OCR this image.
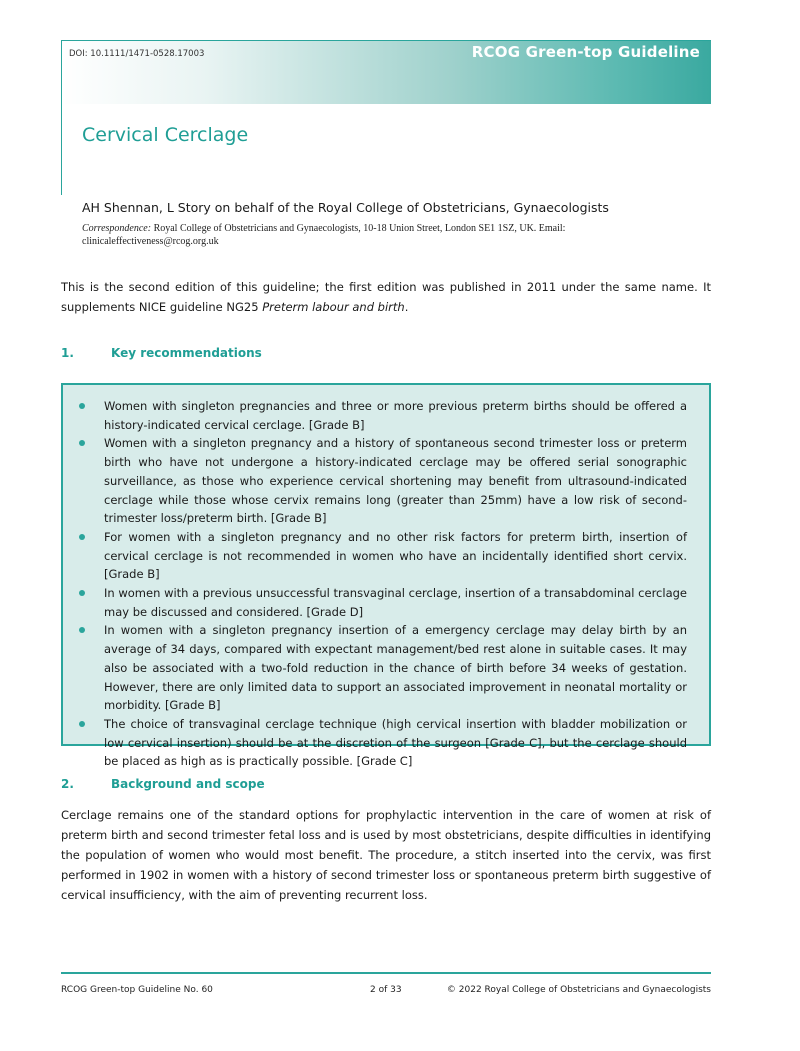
DOI: 10.1111/1471-0528.17003	RCOG Green-top Guideline
Cervical Cerclage
AH Shennan, L Story on behalf of the Royal College of Obstetricians, Gynaecologists
Correspondence: Royal College of Obstetricians and Gynaecologists, 10-18 Union Street, London SE1 1SZ, UK. Email: clinicaleffectiveness@rcog.org.uk
This is the second edition of this guideline; the first edition was published in 2011 under the same name. It supplements NICE guideline NG25 Preterm labour and birth.
1.	Key recommendations
Women with singleton pregnancies and three or more previous preterm births should be offered a history-indicated cervical cerclage. [Grade B]
Women with a singleton pregnancy and a history of spontaneous second trimester loss or preterm birth who have not undergone a history-indicated cerclage may be offered serial sonographic surveillance, as those who experience cervical shortening may benefit from ultrasound-indicated cerclage while those whose cervix remains long (greater than 25mm) have a low risk of second-trimester loss/preterm birth. [Grade B]
For women with a singleton pregnancy and no other risk factors for preterm birth, insertion of cervical cerclage is not recommended in women who have an incidentally identified short cervix. [Grade B]
In women with a previous unsuccessful transvaginal cerclage, insertion of a transabdominal cerclage may be discussed and considered. [Grade D]
In women with a singleton pregnancy insertion of a emergency cerclage may delay birth by an average of 34 days, compared with expectant management/bed rest alone in suitable cases. It may also be associated with a two-fold reduction in the chance of birth before 34 weeks of gestation. However, there are only limited data to support an associated improvement in neonatal mortality or morbidity. [Grade B]
The choice of transvaginal cerclage technique (high cervical insertion with bladder mobilization or low cervical insertion) should be at the discretion of the surgeon [Grade C], but the cerclage should be placed as high as is practically possible. [Grade C]
2.	Background and scope
Cerclage remains one of the standard options for prophylactic intervention in the care of women at risk of preterm birth and second trimester fetal loss and is used by most obstetricians, despite difficulties in identifying the population of women who would most benefit. The procedure, a stitch inserted into the cervix, was first performed in 1902 in women with a history of second trimester loss or spontaneous preterm birth suggestive of cervical insufficiency, with the aim of preventing recurrent loss.
RCOG Green-top Guideline No. 60	2 of 33	© 2022 Royal College of Obstetricians and Gynaecologists
